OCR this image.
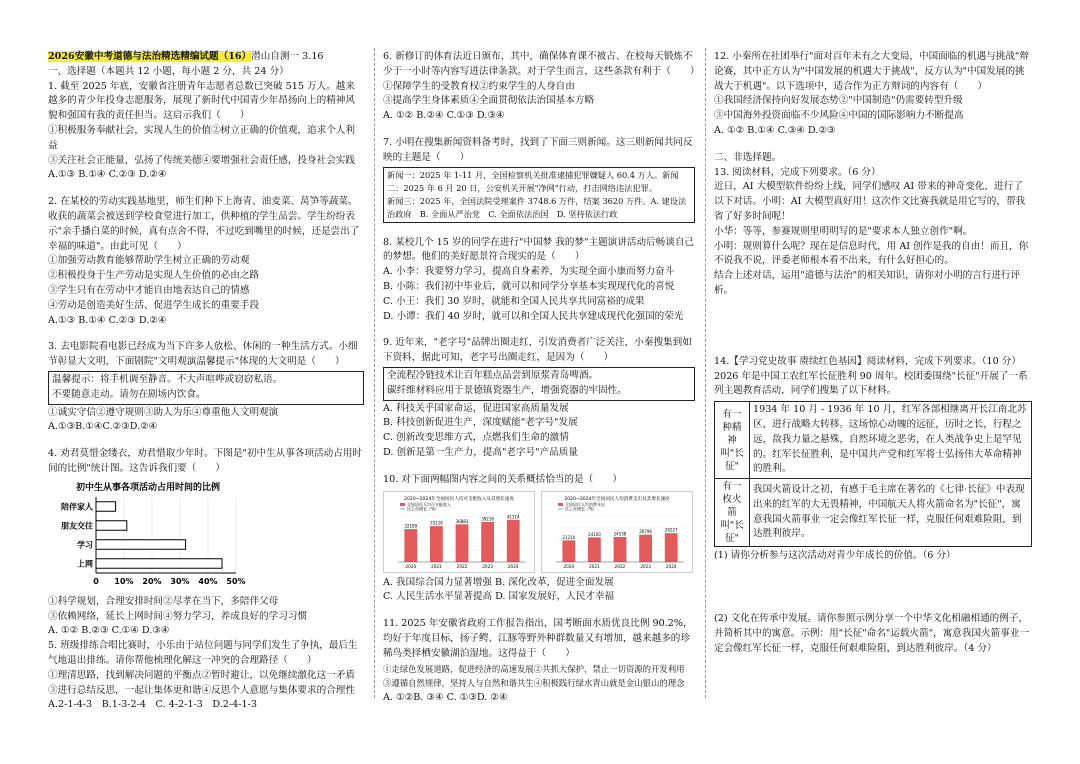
2026安徽中考道德与法治精选精编试题（16）潜山自测一 3.16

一、选择题（本题共 12 小题，每小题 2 分，共 24 分）

1. 截至 2025 年底，安徽省注册青年志愿者总数已突破 515 万人。越来越多的青少年投身志愿服务，展现了新时代中国青少年昂扬向上的精神风貌和强国有我的责任担当。这启示我们（　　）

①积极服务奉献社会，实现人生的价值②树立正确的价值观，追求个人利益

③关注社会正能量，弘扬了传统美德④要增强社会责任感，投身社会实践

A.①③ B.①④ C.②③ D.②④

2. 在某校的劳动实践基地里，师生们种下上海青、油麦菜、莴笋等蔬菜。收获的蔬菜会被送到学校食堂进行加工，供种植的学生品尝。学生纷纷表示"亲手播白菜的时候，真有点舍不得，不过吃到嘴里的时候，还是尝出了幸福的味道"。由此可见（　　）

①加强劳动教育能够帮助学生树立正确的劳动观

②积极投身于生产劳动是实现人生价值的必由之路

③学生只有在劳动中才能自由地表达自己的情感

④劳动是创造美好生活、促进学生成长的重要手段

A.①③ B.①④ C.②③ D.②④

3. 去电影院看电影已经成为当下许多人放松、休闲的一种生活方式。小细节彰显大文明，下面剧院"文明观演温馨提示"体现的大文明是（　　）

温馨提示：将手机调至静音。不大声喧哗或窃窃私语。

不要随意走动。请勿在剧场内饮食。

①诚实守信②遵守规则③助人为乐④尊重他人文明观演

A.①③B.①④C.②③D.②④

4. 劝君莫惜金缕衣，劝君惜取少年时。下图是"初中生从事各项活动占用时间的比例"统计图。这告诉我们要（　　）

初中生从事各项活动占用时间的比例
0 10% 20% 30% 40% 50%
陪伴家人
朋友交往
学习
上网

①科学规划，合理安排时间②尽孝在当下，多陪伴父母

③依赖网络，延长上网时间④努力学习，养成良好的学习习惯

A. ①② B.②③ C.①④ D.③④

5. 班级排练合唱比赛时，小乐由于站位问题与同学们发生了争执，最后生气地退出排练。请你帮他梳理化解这一冲突的合理路径（　　）

①理清思路，找到解决问题的平衡点②暂时避让，以免继续激化这一矛盾

③进行总结反思，一起让集体更和谐④反思个人意愿与集体要求的合理性

A.2-1-4-3　B.1-3-2-4　C. 4-2-1-3　D.2-4-1-3

6. 新修订的体育法近日颁布，其中，确保体育课不被占、在校每天锻炼不少于一小时等内容写进法律条款。对于学生而言，这些条款有利于（　　）

①保障学生的受教育权②约束学生的人身自由

③提高学生身体素质④全面贯彻依法治国基本方略

A. ①② B.②④ C.①③ D.③④

7. 小明在搜集新闻资料备考时，找到了下面三则新闻。这三则新闻共同反映的主题是（　　）

新闻一：2025 年 1-11 月，全国检察机关批准逮捕犯罪嫌疑人 60.4 万人。新闻二：2025 年 6 月 20 日，公安机关开展"净网"行动，打击网络违法犯罪。

新闻三：2025 年，全国法院受理案件 3748.6 万件，结案 3620 万件。A. 建设法治政府　B. 全面从严治党　C. 全面依法治国　D. 坚持依法行政

8. 某校几个 15 岁的同学在进行"中国梦 我的梦"主题演讲活动后畅谈自己的梦想。他们的美好愿景符合现实的是（　　）

A. 小李：我要努力学习，提高自身素养，为实现全面小康而努力奋斗

B. 小陈：我们初中毕业后，就可以和同学分享基本实现现代化的喜悦

C. 小王：我们 30 岁时，就能和全国人民共享共同富裕的成果

D. 小谭：我们 40 岁时，就可以和全国人民共享建成现代化强国的荣光

9. 近年来，"老字号"品牌出圈走红，引发消费者广泛关注，小秦搜集到如下资料，据此可知，老字号出圈走红，是因为（　　）

全流程冷链技术让百年糕点品尝到原浆青岛啤酒。

碳纤维材料应用于景德镇瓷器生产，增强瓷器的牢固性。

A. 科技关乎国家命运，促进国家高质量发展

B. 科技创新促进生产，深度赋能"老字号"发展

C. 创新改变思维方式，点燃我们生命的激情

D. 创新是第一生产力，提高"老字号"产品质量

10. 对下面两幅图内容之间的关系概括恰当的是（　　）

2020~2024年全国居民人均可支配收入及其增长速度
全国居民人均可支配收入
比上年增长（%）
32189
2020
35128
2021
36883
2022
39218
2023
41314
2024
2020~2024年全国居民人均消费支出及其增长速度
全国居民人均消费支出
比上年增长（%）
21210
2020
24100
2021
24538
2022
26796
2023
28227
2024

A. 我国综合国力显著增强 B. 深化改革，促进全面发展

C. 人民生活水平显著提高 D. 国家发展好，人民才幸福

11. 2025 年安徽省政府工作报告指出，国考断面水质优良比例 90.2%，均好于年度目标，扬子鳄、江豚等野外种群数量又有增加，越来越多的珍稀鸟类择栖安徽湖泊湿地。这得益于（　　）

①走绿色发展道路，促进经济的高速发展②共抓大保护，禁止一切资源的开发利用

③遵循自然规律，坚持人与自然和谐共生④积极践行绿水青山就是金山银山的理念

A. ①②B. ③④ C. ①③D. ②④

12. 小秦所在社团举行"面对百年未有之大变局，中国面临的机遇与挑战"辩论赛，其中正方认为"中国发展的机遇大于挑战"，反方认为"中国发展的挑战大于机遇"。以下选项中，适合作为正方辩词的内容有（　　）

①我国经济保持向好发展态势②"中国制造"仍需要转型升级

③中国海外投资面临不少风险④中国的国际影响力不断提高

A. ①② B.①④ C.③④ D.②③

二、非选择题。

13. 阅读材料，完成下列要求。（6 分）

近日，AI 大模型软件纷纷上线，同学们感叹 AI 带来的神奇变化，进行了以下对话。小明：AI 大模型真好用！这次作文比赛我就是用它写的，帮我省了好多时间呢！

小华：等等，参赛规则里明明写的是"要求本人独立创作"啊。

小明：规则算什么呢？现在是信息时代，用 AI 创作是我的自由！而且，你不说我不说，评委老师根本看不出来，有什么好担心的。

结合上述对话，运用"道德与法治"的相关知识，请你对小明的言行进行评析。

14.【学习党史故事 赓续红色基因】阅读材料，完成下列要求。（10 分）

2026 年是中国工农红军长征胜利 90 周年。校团委围绕"长征"开展了一系列主题教育活动，同学们搜集了以下材料。

有一种精神叫"长征"	1934 年 10 月 - 1936 年 10 月，红军各部相继离开长江南北苏区，进行战略大转移。这场惊心动魄的远征，历时之长，行程之远，敌我力量之悬殊，自然环境之恶劣，在人类战争史上是罕见的。红军长征胜利，是中国共产党和红军将士弘扬伟大革命精神的胜利。
有一枚火箭叫"长征"	我国火箭设计之初，有感于毛主席在著名的《七律·长征》中表现出来的红军的大无畏精神，中国航天人将火箭命名为"长征"，寓意我国火箭事业一定会像红军长征一样，克服任何艰难险阻，到达胜利彼岸。

(1) 请你分析参与这次活动对青少年成长的价值。（6 分）

(2) 文化在传承中发展。请你参照示例分享一个中华文化相融相通的例子，并简析其中的寓意。示例：用"长征"命名"运载火箭"，寓意我国火箭事业一定会像红军长征一样，克服任何艰难险阻，到达胜利彼岸。（4 分）
